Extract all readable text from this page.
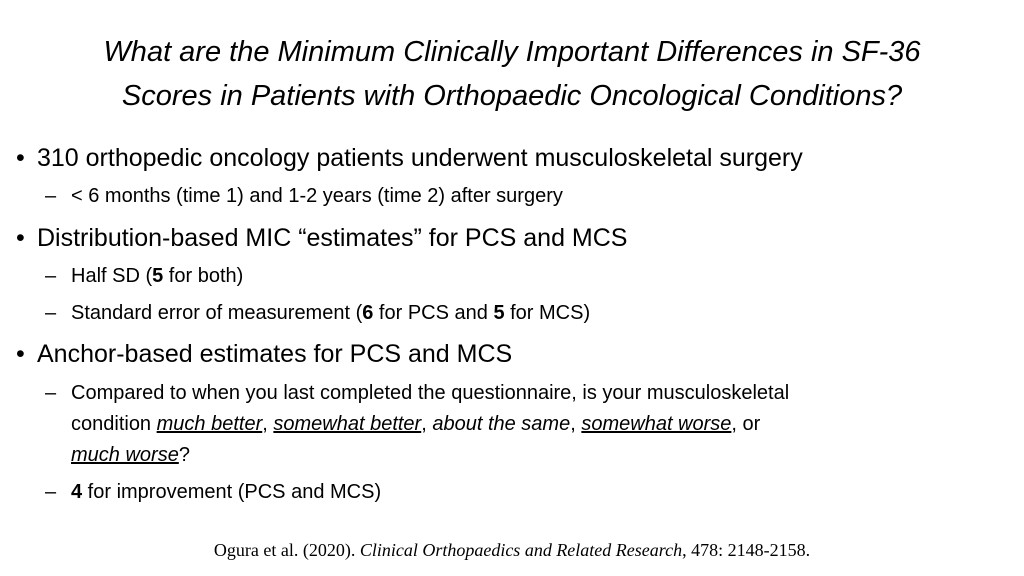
What are the Minimum Clinically Important Differences in SF-36
Scores in Patients with Orthopaedic Oncological Conditions?
• 310 orthopedic oncology patients underwent musculoskeletal surgery
– < 6 months (time 1) and 1-2 years (time 2) after surgery
• Distribution-based MIC “estimates” for PCS and MCS
– Half SD (5 for both)
– Standard error of measurement (6 for PCS and 5 for MCS)
• Anchor-based estimates for PCS and MCS
– Compared to when you last completed the questionnaire, is your musculoskeletal
condition much better, somewhat better, about the same, somewhat worse, or
much worse?
– 4 for improvement (PCS and MCS)
Ogura et al. (2020). Clinical Orthopaedics and Related Research, 478: 2148-2158.
